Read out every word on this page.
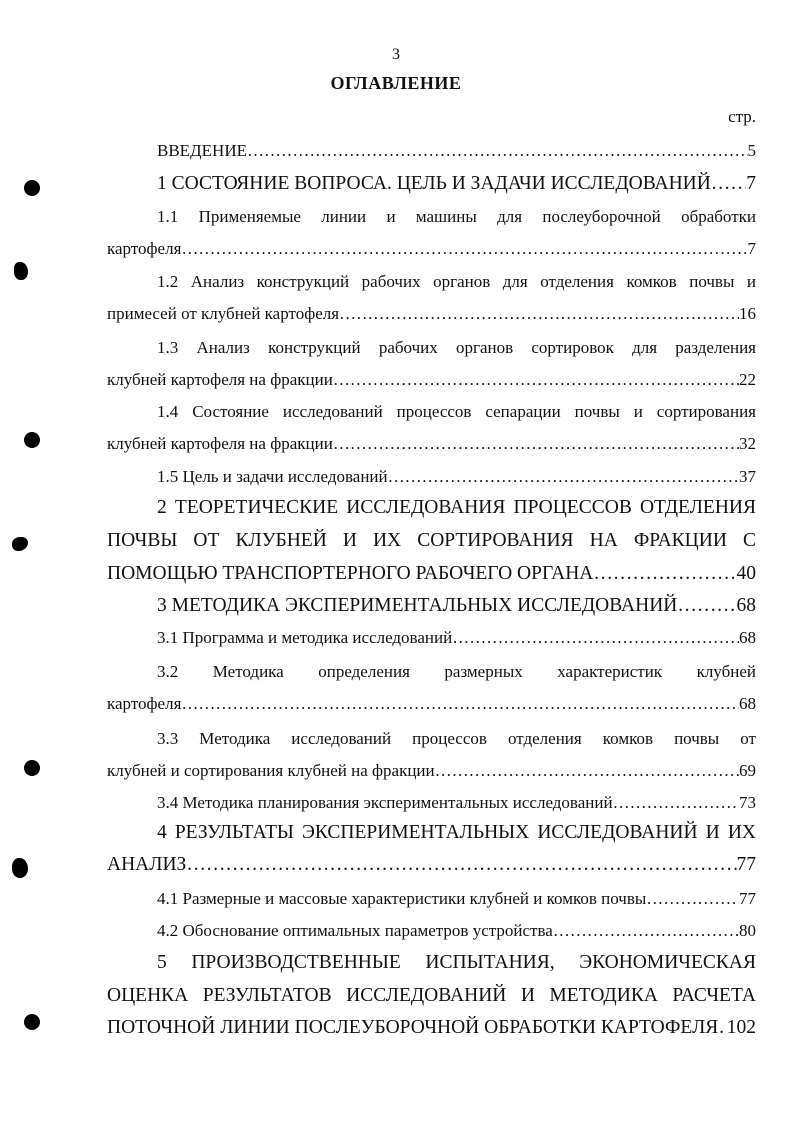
3
ОГЛАВЛЕНИЕ
стр.
ВВЕДЕНИЕ …………………………………………………………………………………………………………………………………………………………………………………	5
1 СОСТОЯНИЕ ВОПРОСА. ЦЕЛЬ И ЗАДАЧИ ИССЛЕДОВАНИЙ ………………………………………………………………………………………………………………………………………………………………………………… 7
1.1 Применяемые линии и машины для послеуборочной обработки
картофеля …………………………………………………………………………………………………………………………………………………………………………………	7
1.2 Анализ конструкций рабочих органов для отделения комков почвы и
примесей от клубней картофеля …………………………………………………………………………………………………………………………………………………………………………………	16
1.3 Анализ конструкций рабочих органов сортировок для разделения
клубней картофеля на фракции …………………………………………………………………………………………………………………………………………………………………………………	22
1.4 Состояние исследований процессов сепарации почвы и сортирования
клубней картофеля на фракции …………………………………………………………………………………………………………………………………………………………………………………	32
1.5 Цель и задачи исследований …………………………………………………………………………………………………………………………………………………………………………………	37
2 ТЕОРЕТИЧЕСКИЕ ИССЛЕДОВАНИЯ ПРОЦЕССОВ ОТДЕЛЕНИЯ
ПОЧВЫ ОТ КЛУБНЕЙ И ИХ СОРТИРОВАНИЯ НА ФРАКЦИИ С
ПОМОЩЬЮ ТРАНСПОРТЕРНОГО РАБОЧЕГО ОРГАНА …………………………………………………………………………………………………………………………………………………………………………………	40
3 МЕТОДИКА ЭКСПЕРИМЕНТАЛЬНЫХ ИССЛЕДОВАНИЙ …………………………………………………………………………………………………………………………………………………………………………………	68
3.1 Программа и методика исследований …………………………………………………………………………………………………………………………………………………………………………………	68
3.2 Методика определения размерных характеристик клубней
картофеля …………………………………………………………………………………………………………………………………………………………………………………	68
3.3 Методика исследований процессов отделения комков почвы от
клубней и сортирования клубней на фракции …………………………………………………………………………………………………………………………………………………………………………………	69
3.4 Методика планирования экспериментальных исследований …………………………………………………………………………………………………………………………………………………………………………………	73
4 РЕЗУЛЬТАТЫ ЭКСПЕРИМЕНТАЛЬНЫХ ИССЛЕДОВАНИЙ И ИХ
АНАЛИЗ …………………………………………………………………………………………………………………………………………………………………………………	77
4.1 Размерные и массовые характеристики клубней и комков почвы …………………………………………………………………………………………………………………………………………………………………………………	77
4.2 Обоснование оптимальных параметров устройства …………………………………………………………………………………………………………………………………………………………………………………	80
5 ПРОИЗВОДСТВЕННЫЕ ИСПЫТАНИЯ, ЭКОНОМИЧЕСКАЯ
ОЦЕНКА РЕЗУЛЬТАТОВ ИССЛЕДОВАНИЙ И МЕТОДИКА РАСЧЕТА
ПОТОЧНОЙ ЛИНИИ ПОСЛЕУБОРОЧНОЙ ОБРАБОТКИ КАРТОФЕЛЯ ………………………………………………………………………………………………………………………………………………………………………………… 102
